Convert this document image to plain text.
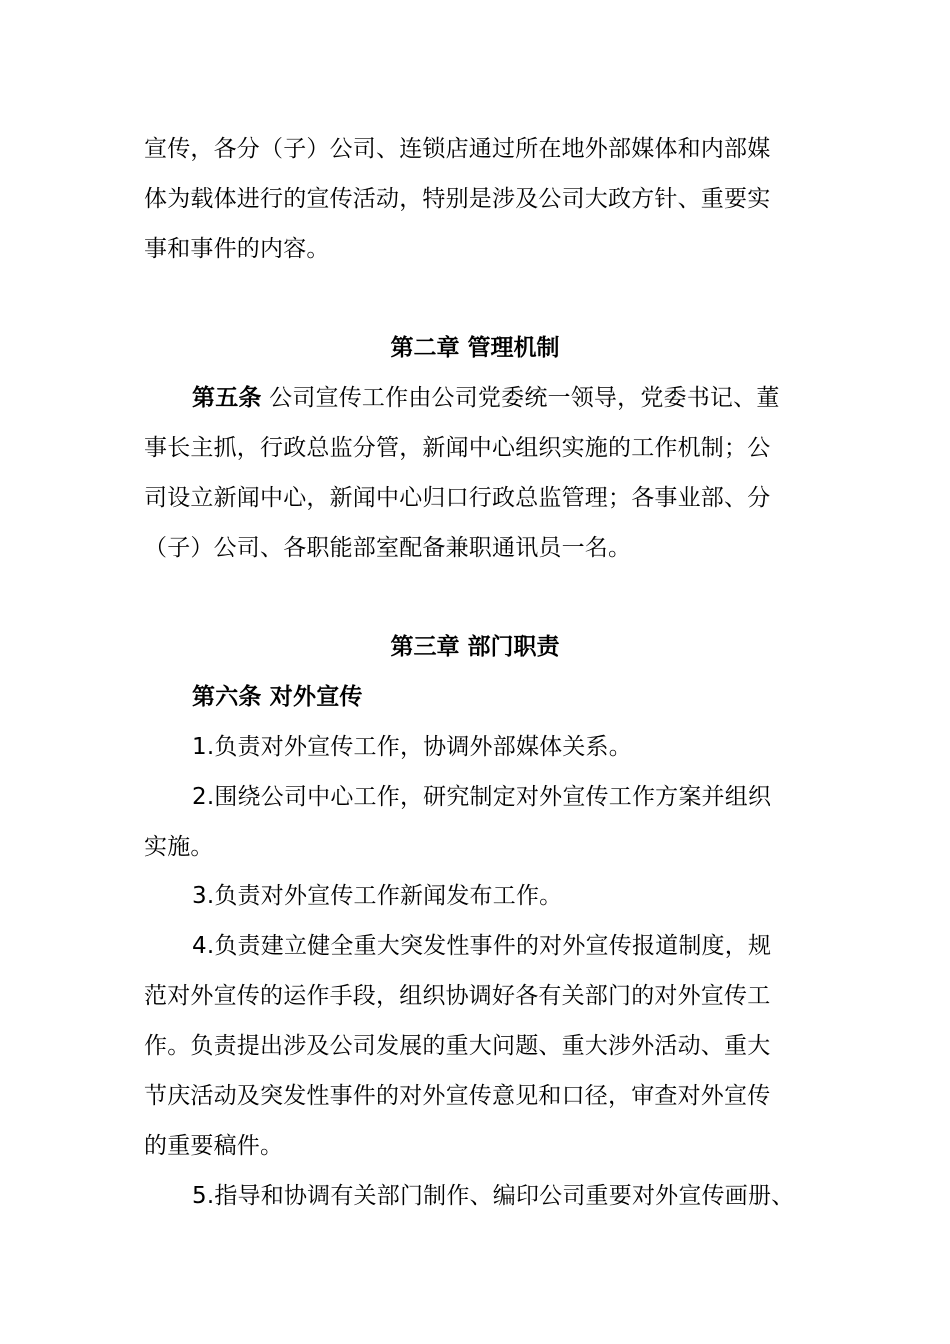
宣传，各分（子）公司、连锁店通过所在地外部媒体和内部媒
体为载体进行的宣传活动，特别是涉及公司大政方针、重要实
事和事件的内容。
第二章 管理机制
第五条 公司宣传工作由公司党委统一领导，党委书记、董
事长主抓，行政总监分管，新闻中心组织实施的工作机制；公
司设立新闻中心，新闻中心归口行政总监管理；各事业部、分
（子）公司、各职能部室配备兼职通讯员一名。
第三章 部门职责
第六条 对外宣传
1.负责对外宣传工作，协调外部媒体关系。
2.围绕公司中心工作，研究制定对外宣传工作方案并组织
实施。
3.负责对外宣传工作新闻发布工作。
4.负责建立健全重大突发性事件的对外宣传报道制度，规
范对外宣传的运作手段，组织协调好各有关部门的对外宣传工
作。负责提出涉及公司发展的重大问题、重大涉外活动、重大
节庆活动及突发性事件的对外宣传意见和口径，审查对外宣传
的重要稿件。
5.指导和协调有关部门制作、编印公司重要对外宣传画册、
